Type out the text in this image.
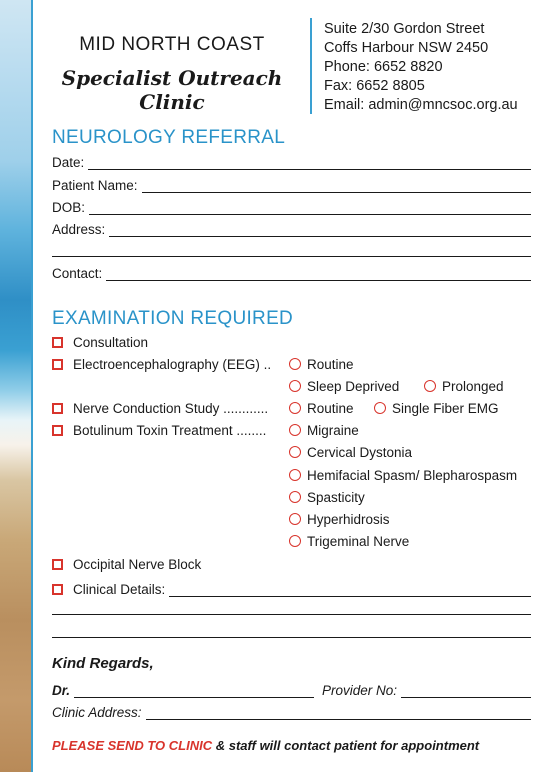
MID NORTH COAST
Specialist Outreach Clinic
Suite 2/30 Gordon Street
Coffs Harbour NSW 2450
Phone: 6652 8820
Fax: 6652 8805
Email: admin@mncsoc.org.au
NEUROLOGY REFERRAL
Date:
Patient Name:
DOB:
Address:
Contact:
EXAMINATION REQUIRED
Consultation
Electroencephalography (EEG) ..	Routine
Sleep Deprived	Prolonged
Nerve Conduction Study ............	Routine	Single Fiber EMG
Botulinum Toxin Treatment ........	Migraine
Cervical Dystonia
Hemifacial Spasm/ Blepharospasm
Spasticity
Hyperhidrosis
Trigeminal Nerve
Occipital Nerve Block
Clinical Details:
Kind Regards,
Dr.	Provider No:
Clinic Address:
PLEASE SEND TO CLINIC & staff will contact patient for appointment
